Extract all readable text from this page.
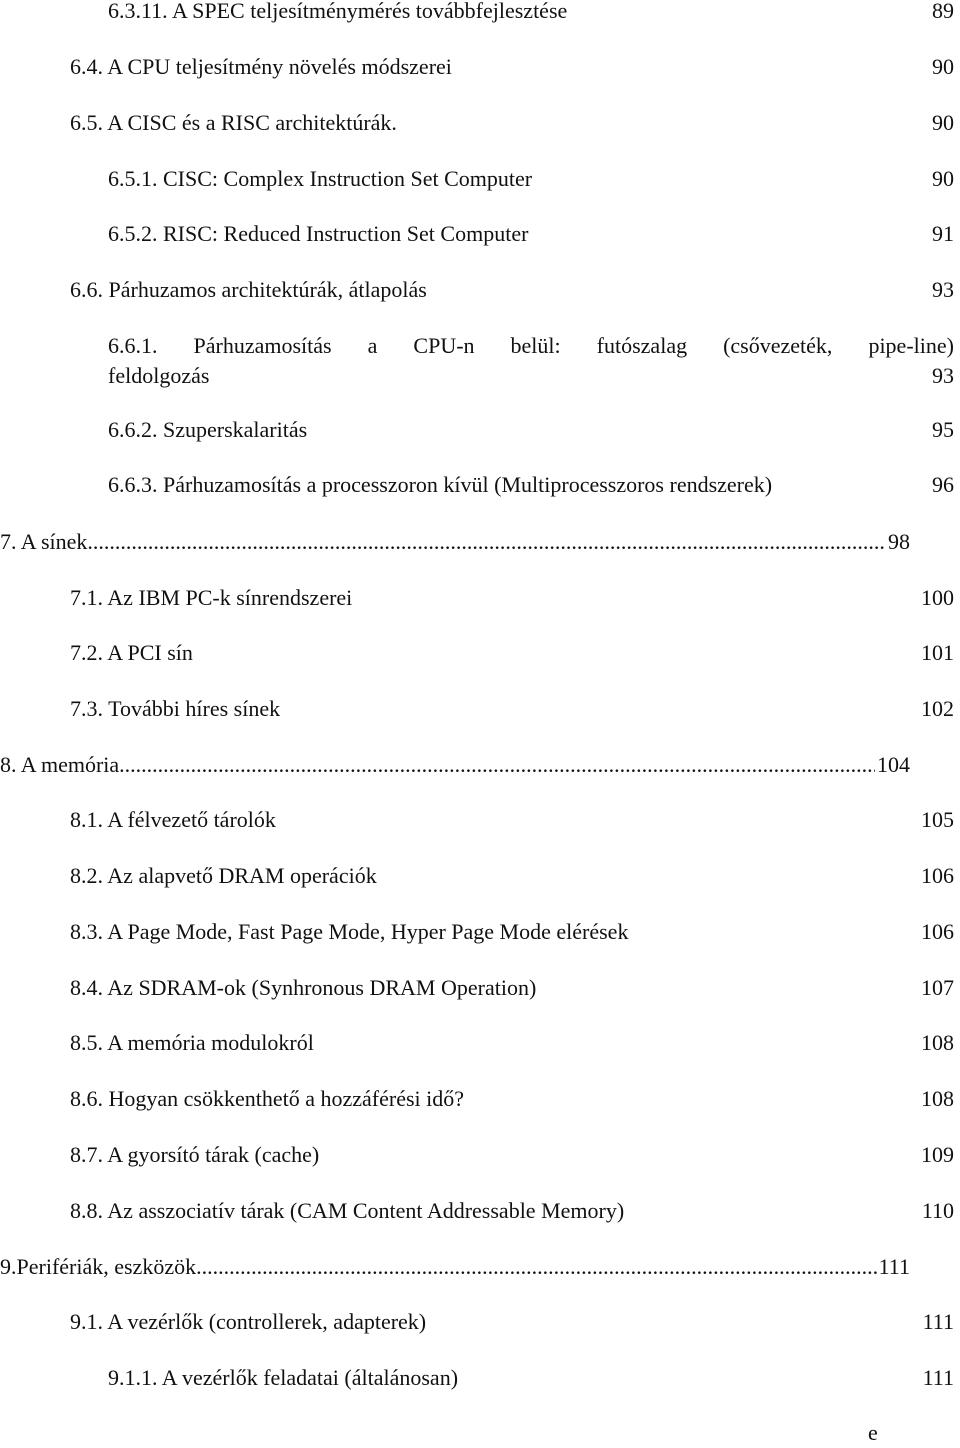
6.3.11. A SPEC teljesítménymérés továbbfejlesztése	89
6.4. A CPU teljesítmény növelés módszerei	90
6.5. A CISC és a RISC architektúrák.	90
6.5.1. CISC: Complex Instruction Set Computer	90
6.5.2. RISC: Reduced Instruction Set Computer	91
6.6. Párhuzamos architektúrák, átlapolás	93
6.6.1. Párhuzamosítás a CPU-n belül: futószalag (csővezeték, pipe-line)
feldolgozás	93
6.6.2. Szuperskalaritás	95
6.6.3. Párhuzamosítás a processzoron kívül (Multiprocesszoros rendszerek)	96
7. A sínek .....	98
7.1. Az IBM PC-k sínrendszerei	100
7.2. A PCI sín	101
7.3. További híres sínek	102
8. A memória .....	104
8.1. A félvezető tárolók	105
8.2. Az alapvető DRAM operációk	106
8.3. A Page Mode, Fast Page Mode, Hyper Page Mode elérések	106
8.4. Az SDRAM-ok (Synhronous DRAM Operation)	107
8.5. A memória modulokról	108
8.6. Hogyan csökkenthető a hozzáférési idő?	108
8.7. A gyorsító tárak (cache)	109
8.8. Az asszociatív tárak (CAM Content Addressable Memory)	110
9.Perifériák, eszközök .....	111
9.1. A vezérlők (controllerek, adapterek)	111
9.1.1. A vezérlők feladatai (általánosan)	111
e
